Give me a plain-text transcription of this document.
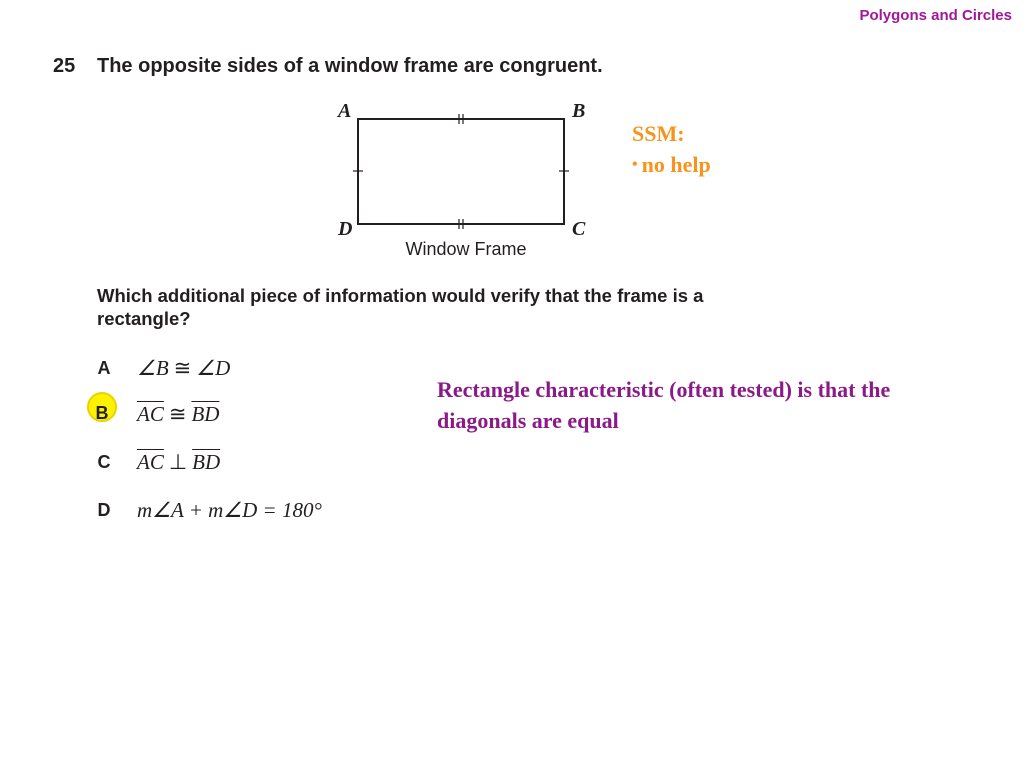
Polygons and Circles
25 The opposite sides of a window frame are congruent.
A	B
C
D
Window Frame
SSM:
• no help
Which additional piece of information would verify that the frame is a rectangle?
A ∠B ≅ ∠D
B $\overline{AC}$ ≅ $\overline{BD}$
C $\overline{AC}$ ⊥ $\overline{BD}$
D m∠A + m∠D = 180°
Rectangle characteristic (often tested) is that the diagonals are equal
